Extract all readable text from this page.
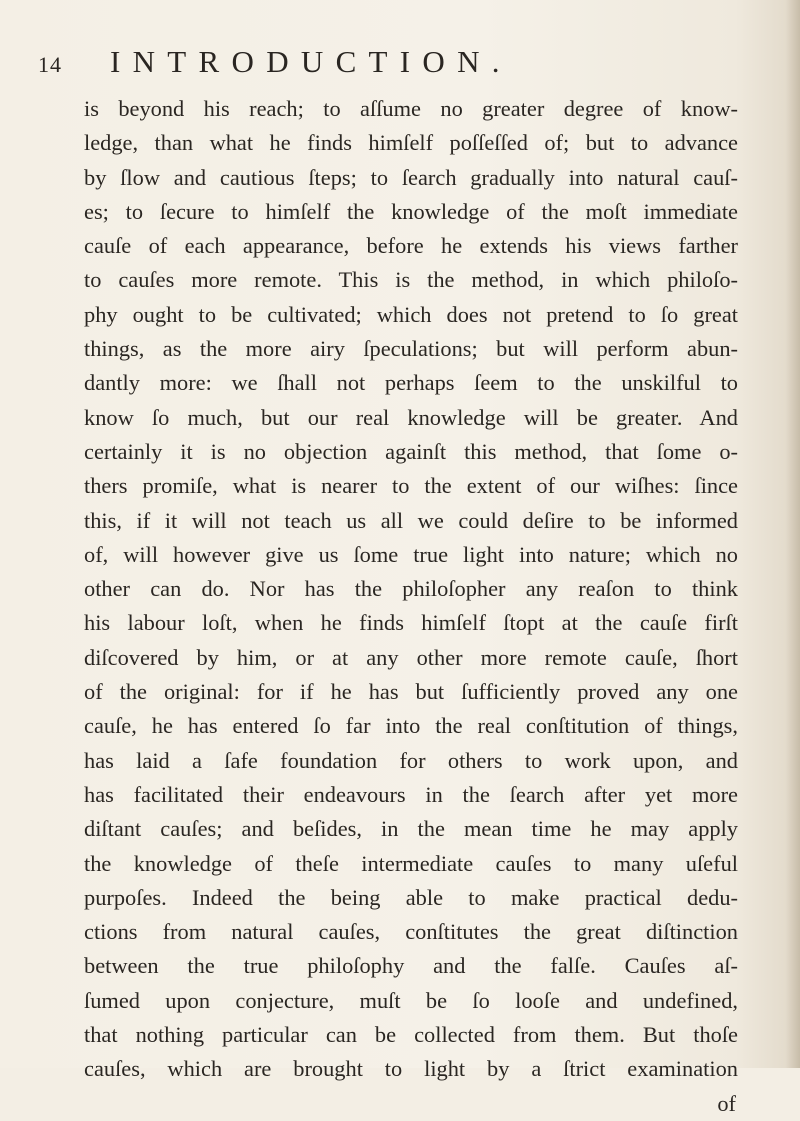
14 INTRODUCTION.
is beyond his reach; to aſſume no greater degree of know-
ledge, than what he finds himſelf poſſeſſed of; but to advance
by ſlow and cautious ſteps; to ſearch gradually into natural cauſ-
es; to ſecure to himſelf the knowledge of the moſt immediate
cauſe of each appearance, before he extends his views farther
to cauſes more remote. This is the method, in which philoſo-
phy ought to be cultivated; which does not pretend to ſo great
things, as the more airy ſpeculations; but will perform abun-
dantly more: we ſhall not perhaps ſeem to the unskilful to
know ſo much, but our real knowledge will be greater. And
certainly it is no objection againſt this method, that ſome o-
thers promiſe, what is nearer to the extent of our wiſhes: ſince
this, if it will not teach us all we could deſire to be informed
of, will however give us ſome true light into nature; which no
other can do. Nor has the philoſopher any reaſon to think
his labour loſt, when he finds himſelf ſtopt at the cauſe firſt
diſcovered by him, or at any other more remote cauſe, ſhort
of the original: for if he has but ſufficiently proved any one
cauſe, he has entered ſo far into the real conſtitution of things,
has laid a ſafe foundation for others to work upon, and
has facilitated their endeavours in the ſearch after yet more
diſtant cauſes; and beſides, in the mean time he may apply
the knowledge of theſe intermediate cauſes to many uſeful
purpoſes. Indeed the being able to make practical dedu-
ctions from natural cauſes, conſtitutes the great diſtinction
between the true philoſophy and the falſe. Cauſes aſ-
ſumed upon conjecture, muſt be ſo looſe and undefined,
that nothing particular can be collected from them. But thoſe
cauſes, which are brought to light by a ſtrict examination
of
